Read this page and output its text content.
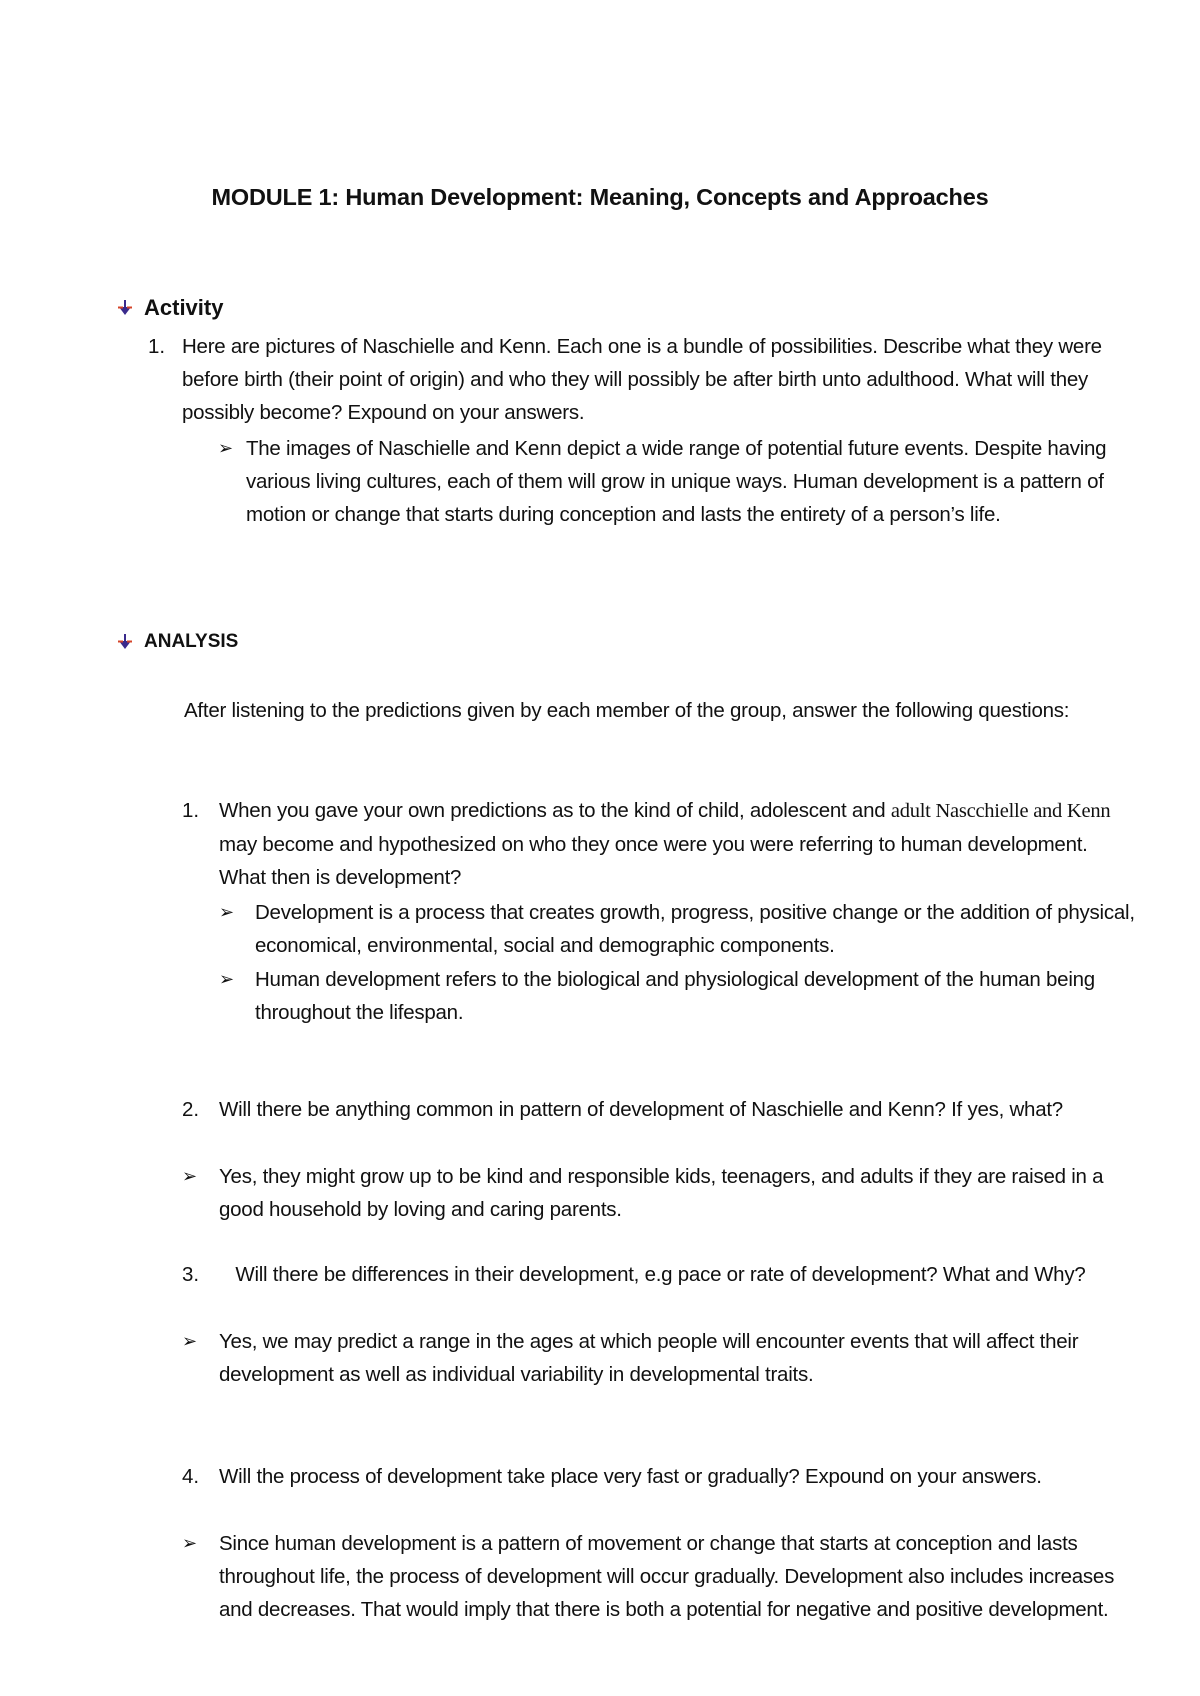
MODULE 1: Human Development: Meaning, Concepts and Approaches
Activity
1. Here are pictures of Naschielle and Kenn. Each one is a bundle of possibilities. Describe what they were before birth (their point of origin) and who they will possibly be after birth unto adulthood. What will they possibly become? Expound on your answers.
➢ The images of Naschielle and Kenn depict a wide range of potential future events. Despite having various living cultures, each of them will grow in unique ways. Human development is a pattern of motion or change that starts during conception and lasts the entirety of a person’s life.
ANALYSIS
After listening to the predictions given by each member of the group, answer the following questions:
1. When you gave your own predictions as to the kind of child, adolescent and adult Nascchielle and Kenn may become and hypothesized on who they once were you were referring to human development. What then is development?
➢ Development is a process that creates growth, progress, positive change or the addition of physical, economical, environmental, social and demographic components.
➢ Human development refers to the biological and physiological development of the human being throughout the lifespan.
2. Will there be anything common in pattern of development of Naschielle and Kenn? If yes, what?
➢ Yes, they might grow up to be kind and responsible kids, teenagers, and adults if they are raised in a good household by loving and caring parents.
3. Will there be differences in their development, e.g pace or rate of development? What and Why?
➢ Yes, we may predict a range in the ages at which people will encounter events that will affect their development as well as individual variability in developmental traits.
4. Will the process of development take place very fast or gradually? Expound on your answers.
➢ Since human development is a pattern of movement or change that starts at conception and lasts throughout life, the process of development will occur gradually. Development also includes increases and decreases. That would imply that there is both a potential for negative and positive development.
